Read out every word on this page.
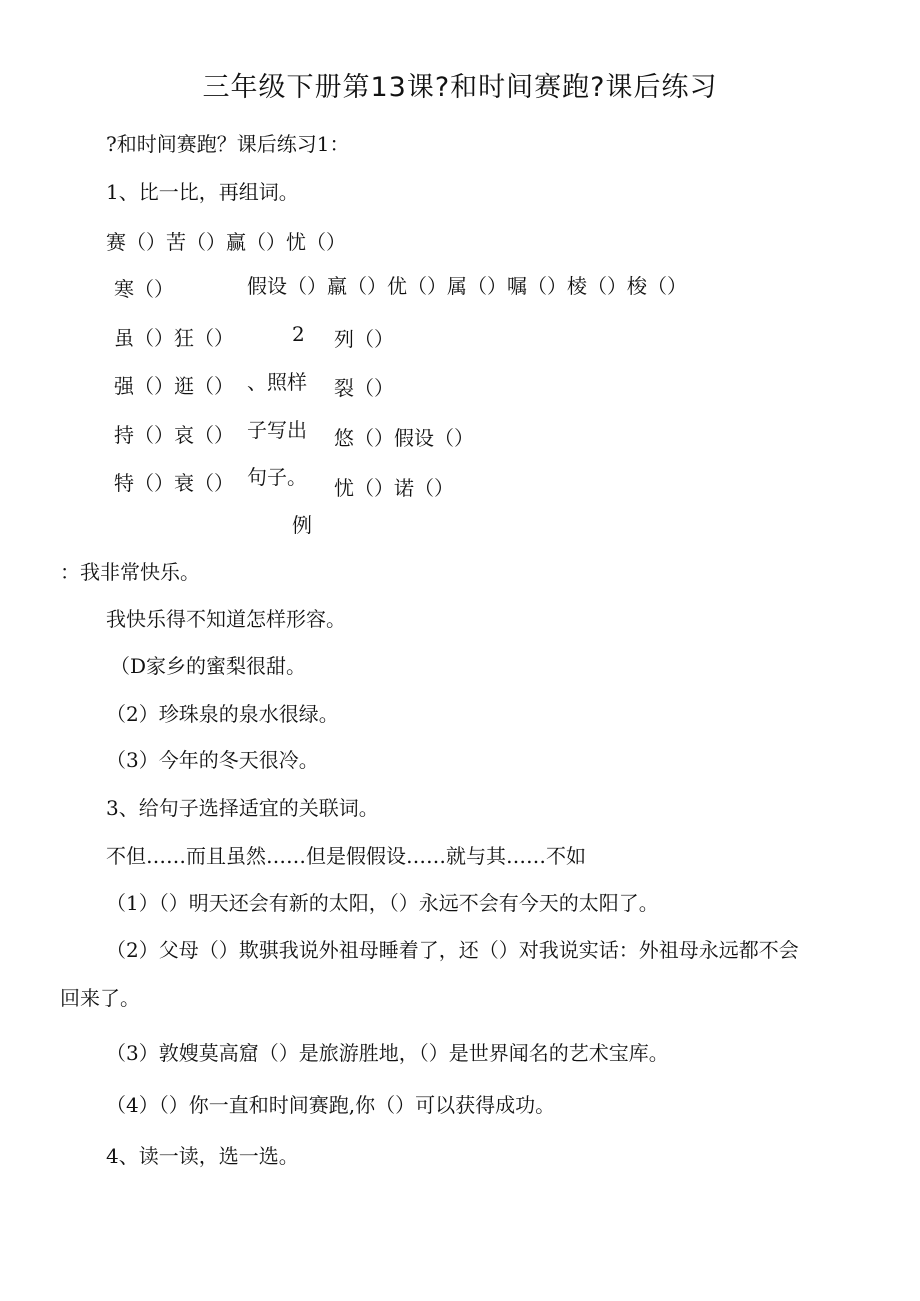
三年级下册第13课?和时间赛跑?课后练习
?和时间赛跑？课后练习1：
1、比一比，再组词。
赛（）苦（）赢（）忧（）
寒（）
虽（）狂（）
强（）逛（）
持（）哀（）
特（）衰（）
假设（）羸（）优（）属（）嘱（）棱（）梭（）
2
、照样
子写出
句子。
例
列（）
裂（）
悠（）假设（）
忧（）诺（）
：我非常快乐。
我快乐得不知道怎样形容。
（D家乡的蜜梨很甜。
（2）珍珠泉的泉水很绿。
（3）今年的冬天很冷。
3、给句子选择适宜的关联词。
不但……而且虽然……但是假假设……就与其……不如
（1）（）明天还会有新的太阳，（）永远不会有今天的太阳了。
（2）父母（）欺骐我说外祖母睡着了，还（）对我说实话：外祖母永远都不会
回来了。
（3）敦嫂莫高窟（）是旅游胜地，（）是世界闻名的艺术宝库。
（4）（）你一直和时间赛跑,你（）可以获得成功。
4、读一读，选一选。
